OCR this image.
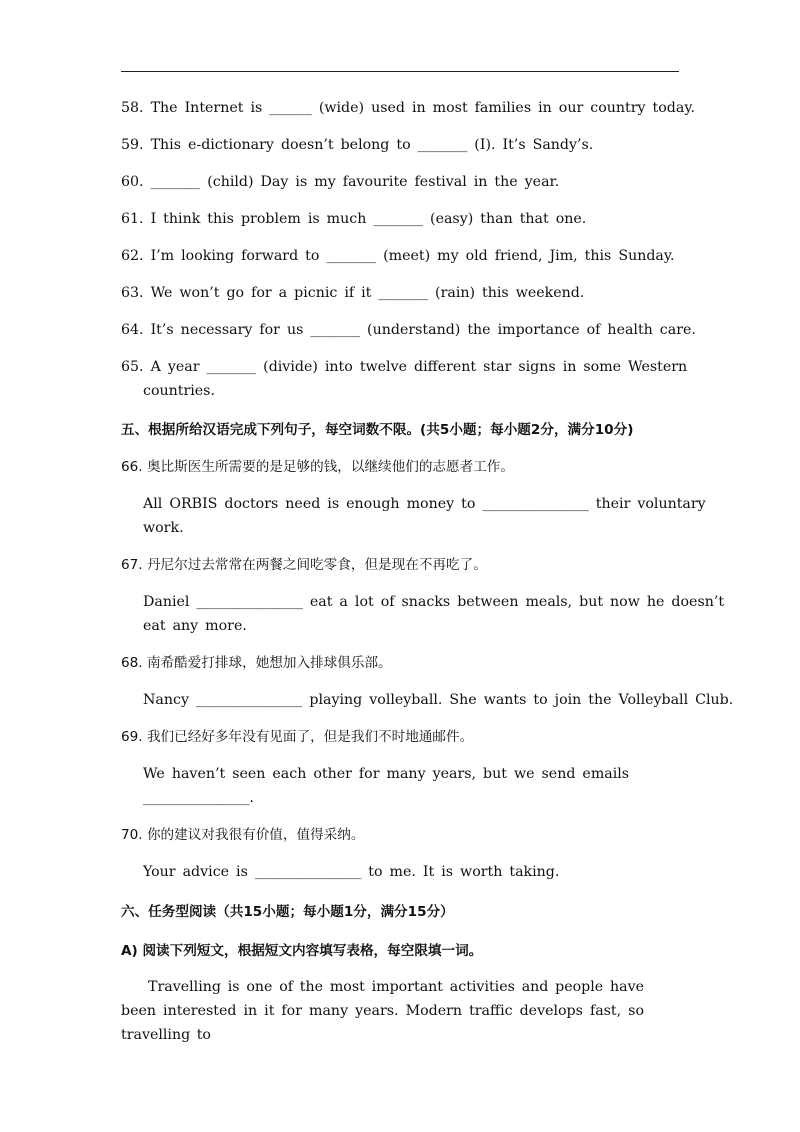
58. The Internet is ______ (wide) used in most families in our country today.
59. This e-dictionary doesn’t belong to _______ (I). It’s Sandy’s.
60. _______ (child) Day is my favourite festival in the year.
61. I think this problem is much _______ (easy) than that one.
62. I’m looking forward to _______ (meet) my old friend, Jim, this Sunday.
63. We won’t go for a picnic if it _______ (rain) this weekend.
64. It’s necessary for us _______ (understand) the importance of health care.
65. A year _______ (divide) into twelve different star signs in some Western
countries.
五、根据所给汉语完成下列句子，每空词数不限。(共5小题；每小题2分，满分10分)
66. 奥比斯医生所需要的是足够的钱，以继续他们的志愿者工作。
All ORBIS doctors need is enough money to _______________ their voluntary
work.
67. 丹尼尔过去常常在两餐之间吃零食，但是现在不再吃了。
Daniel _______________ eat a lot of snacks between meals, but now he doesn’t
eat any more.
68. 南希酷爱打排球，她想加入排球俱乐部。
Nancy _______________ playing volleyball. She wants to join the Volleyball Club.
69. 我们已经好多年没有见面了，但是我们不时地通邮件。
We haven’t seen each other for many years, but we send emails
_______________.
70. 你的建议对我很有价值，值得采纳。
Your advice is _______________ to me. It is worth taking.
六、任务型阅读（共15小题；每小题1分，满分15分）
A) 阅读下列短文，根据短文内容填写表格，每空限填一词。
Travelling is one of the most important activities and people have been interested in it for many years. Modern traffic develops fast, so travelling to
